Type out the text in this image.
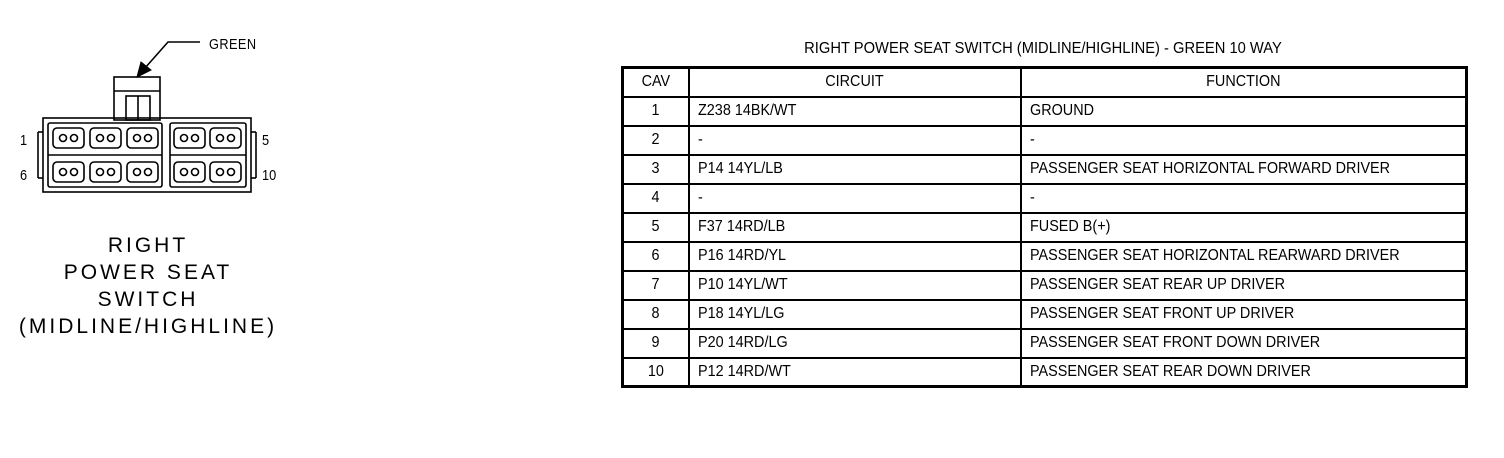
GREEN
1	5
6	10
RIGHT
POWER SEAT
SWITCH
(MIDLINE/HIGHLINE)
RIGHT POWER SEAT SWITCH (MIDLINE/HIGHLINE) - GREEN 10 WAY
CAV	CIRCUIT	FUNCTION
1	Z238 14BK/WT	GROUND
2	-	-
3	P14 14YL/LB	PASSENGER SEAT HORIZONTAL FORWARD DRIVER
4	-	-
5	F37 14RD/LB	FUSED B(+)
6	P16 14RD/YL	PASSENGER SEAT HORIZONTAL REARWARD DRIVER
7	P10 14YL/WT	PASSENGER SEAT REAR UP DRIVER
8	P18 14YL/LG	PASSENGER SEAT FRONT UP DRIVER
9	P20 14RD/LG	PASSENGER SEAT FRONT DOWN DRIVER
10	P12 14RD/WT	PASSENGER SEAT REAR DOWN DRIVER
